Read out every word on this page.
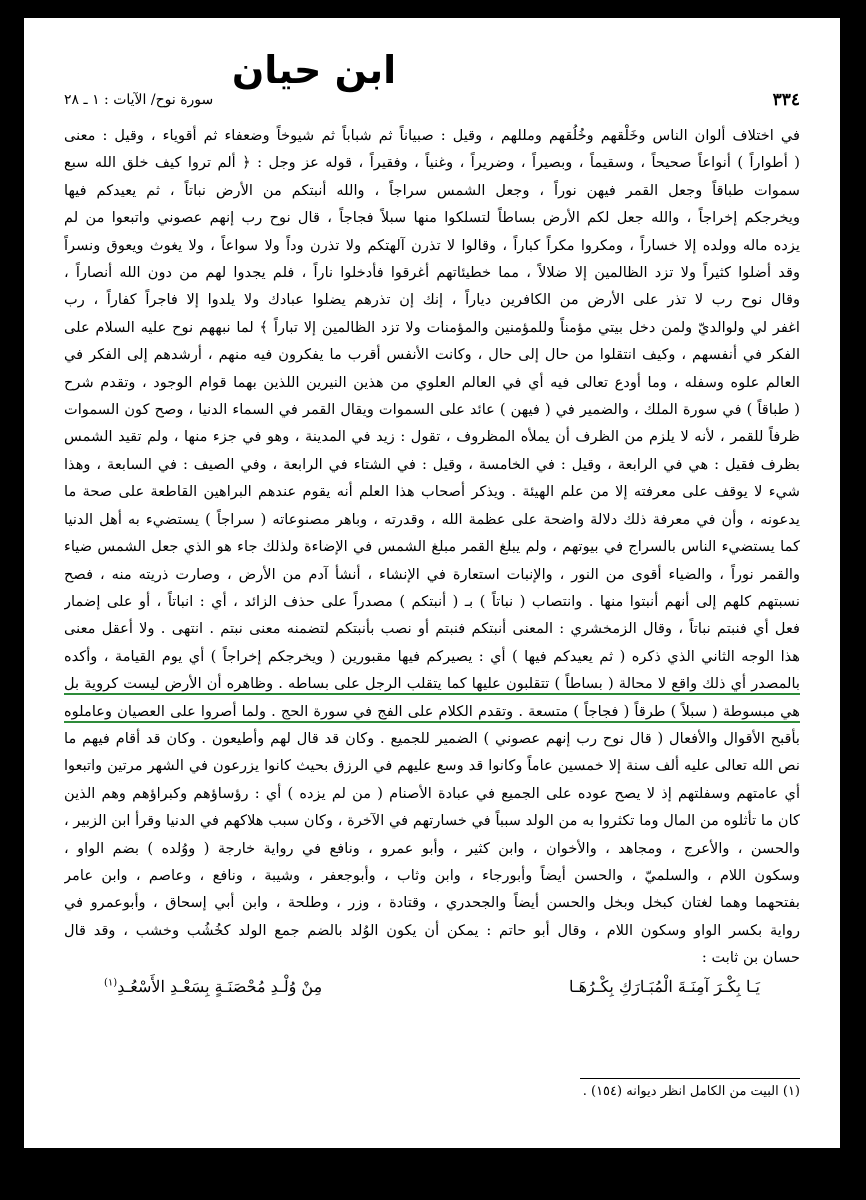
ابن حيان
٣٣٤
سورة نوح/ الآيات : ١ ـ ٢٨
في اختلاف ألوان الناس وخَلْقهم وخُلُقهم ومللهم ، وقيل : صبياناً ثم شباباً ثم شيوخاً وضعفاء ثم أقوياء ، وقيل : معنى
( أطواراً ) أنواعاً صحيحاً ، وسقيماً ، وبصيراً ، وضريراً ، وغنياً ، وفقيراً ، قوله عز وجل : ﴿ ألم تروا كيف خلق الله سبع
سموات طباقاً وجعل القمر فيهن نوراً ، وجعل الشمس سراجاً ، والله أنبتكم من الأرض نباتاً ، ثم يعيدكم فيها
ويخرجكم إخراجاً ، والله جعل لكم الأرض بساطاً لتسلكوا منها سبلاً فجاجاً ، قال نوح رب إنهم عصوني واتبعوا من لم
يزده ماله وولده إلا خساراً ، ومكروا مكراً كباراً ، وقالوا لا تذرن آلهتكم ولا تذرن وداً ولا سواعاً ، ولا يغوث ويعوق ونسراً
وقد أضلوا كثيراً ولا تزد الظالمين إلا ضلالاً ، مما خطيئاتهم أغرقوا فأدخلوا ناراً ، فلم يجدوا لهم من دون الله أنصاراً ،
وقال نوح رب لا تذر على الأرض من الكافرين دياراً ، إنك إن تذرهم يضلوا عبادك ولا يلدوا إلا فاجراً كفاراً ، رب
اغفر لي ولوالديّ ولمن دخل بيتي مؤمناً وللمؤمنين والمؤمنات ولا تزد الظالمين إلا تباراً ﴾ لما نبههم نوح عليه السلام على
الفكر في أنفسهم ، وكيف انتقلوا من حال إلى حال ، وكانت الأنفس أقرب ما يفكرون فيه منهم ، أرشدهم إلى الفكر في
العالم علوه وسفله ، وما أودع تعالى فيه أي في العالم العلوي من هذين النيرين اللذين بهما قوام الوجود ، وتقدم شرح
( طباقاً ) في سورة الملك ، والضمير في ( فيهن ) عائد على السموات ويقال القمر في السماء الدنيا ، وصح كون السموات
ظرفاً للقمر ، لأنه لا يلزم من الظرف أن يملأه المظروف ، تقول : زيد في المدينة ، وهو في جزء منها ، ولم تقيد الشمس
بظرف فقيل : هي في الرابعة ، وقيل : في الخامسة ، وقيل : في الشتاء في الرابعة ، وفي الصيف : في السابعة ، وهذا
شيء لا يوقف على معرفته إلا من علم الهيئة . ويذكر أصحاب هذا العلم أنه يقوم عندهم البراهين القاطعة على صحة ما
يدعونه ، وأن في معرفة ذلك دلالة واضحة على عظمة الله ، وقدرته ، وباهر مصنوعاته ( سراجاً ) يستضيء به أهل الدنيا
كما يستضيء الناس بالسراج في بيوتهم ، ولم يبلغ القمر مبلغ الشمس في الإضاءة ولذلك جاء هو الذي جعل الشمس ضياء
والقمر نوراً ، والضياء أقوى من النور ، والإنبات استعارة في الإنشاء ، أنشأ آدم من الأرض ، وصارت ذريته منه ، فصح
نسبتهم كلهم إلى أنهم أنبتوا منها . وانتصاب ( نباتاً ) بـ ( أنبتكم ) مصدراً على حذف الزائد ، أي : انباتاً ، أو على إضمار
فعل أي فنبتم نباتاً ، وقال الزمخشري : المعنى أنبتكم فنبتم أو نصب بأنبتكم لتضمنه معنى نبتم . انتهى . ولا أعقل معنى
هذا الوجه الثاني الذي ذكره ( ثم يعيدكم فيها ) أي : يصيركم فيها مقبورين ( ويخرجكم إخراجاً ) أي يوم القيامة ، وأكده
بالمصدر أي ذلك واقع لا محالة ( بساطاً ) تتقلبون عليها كما يتقلب الرجل على بساطه . وظاهره أن الأرض ليست كروية بل
هي مبسوطة ( سبلاً ) طرقاً ( فجاجاً ) متسعة . وتقدم الكلام على الفج في سورة الحج . ولما أصروا على العصيان وعاملوه
بأقبح الأقوال والأفعال ( قال نوح رب إنهم عصوني ) الضمير للجميع . وكان قد قال لهم وأطيعون . وكان قد أقام فيهم ما
نص الله تعالى عليه ألف سنة إلا خمسين عاماً وكانوا قد وسع عليهم في الرزق بحيث كانوا يزرعون في الشهر مرتين واتبعوا
أي عامتهم وسفلتهم إذ لا يصح عوده على الجميع في عبادة الأصنام ( من لم يزده ) أي : رؤساؤهم وكبراؤهم وهم الذين
كان ما تأثلوه من المال وما تكثروا به من الولد سبباً في خسارتهم في الآخرة ، وكان سبب هلاكهم في الدنيا وقرأ ابن الزبير ،
والحسن ، والأعرج ، ومجاهد ، والأخوان ، وابن كثير ، وأبو عمرو ، ونافع في رواية خارجة ( ووُلده ) بضم الواو ،
وسكون اللام ، والسلميّ ، والحسن أيضاً وأبورجاء ، وابن وثاب ، وأبوجعفر ، وشيبة ، ونافع ، وعاصم ، وابن عامر
بفتحهما وهما لغتان كبخل وبخل والحسن أيضاً والجحدري ، وقتادة ، وزر ، وطلحة ، وابن أبي إسحاق ، وأبوعمرو في
رواية بكسر الواو وسكون اللام ، وقال أبو حاتم : يمكن أن يكون الوُلد بالضم جمع الولد كخُشُب وخشب ، وقد قال
حسان بن ثابت :
يَـا بِكْـرَ آمِنَـةَ الْمُبَـارَكِ بِكْـرُهَـا
مِنْ وُلْـدِ مُحْصَنَـةٍ بِسَعْـدِ الأَسْعُـدِ$^{(١)}$
(١) البيت من الكامل انظر ديوانه (١٥٤) .
